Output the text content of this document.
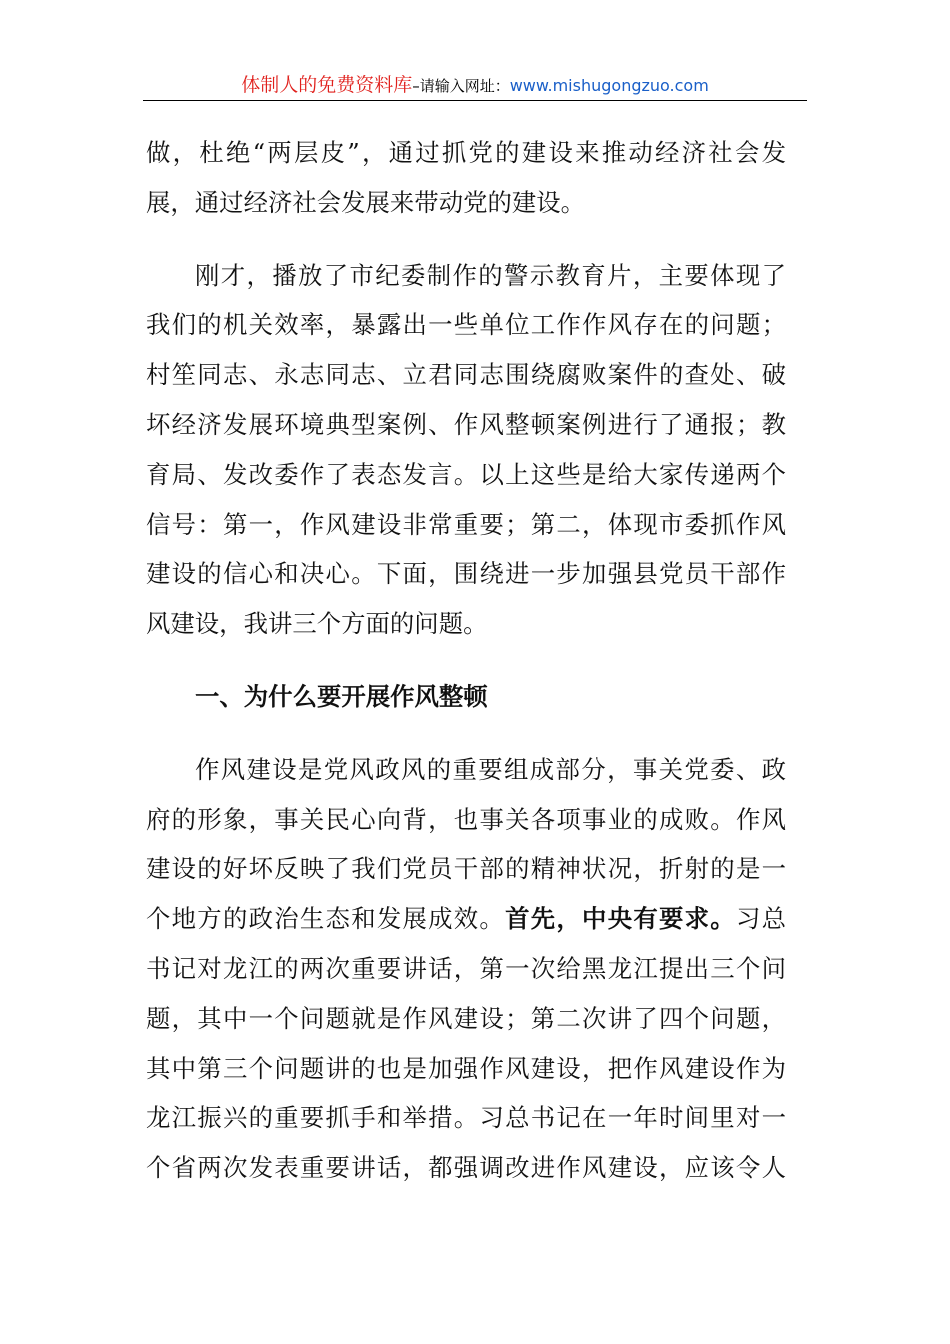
体制人的免费资料库–请输入网址：www.mishugongzuo.com
做，杜绝“两层皮”，通过抓党的建设来推动经济社会发
展，通过经济社会发展来带动党的建设。
刚才，播放了市纪委制作的警示教育片，主要体现了
我们的机关效率，暴露出一些单位工作作风存在的问题；
村笙同志、永志同志、立君同志围绕腐败案件的查处、破
坏经济发展环境典型案例、作风整顿案例进行了通报；教
育局、发改委作了表态发言。以上这些是给大家传递两个
信号：第一，作风建设非常重要；第二，体现市委抓作风
建设的信心和决心。下面，围绕进一步加强县党员干部作
风建设，我讲三个方面的问题。
一、为什么要开展作风整顿
作风建设是党风政风的重要组成部分，事关党委、政
府的形象，事关民心向背，也事关各项事业的成败。作风
建设的好坏反映了我们党员干部的精神状况，折射的是一
个地方的政治生态和发展成效。首先，中央有要求。习总
书记对龙江的两次重要讲话，第一次给黑龙江提出三个问
题，其中一个问题就是作风建设；第二次讲了四个问题，
其中第三个问题讲的也是加强作风建设，把作风建设作为
龙江振兴的重要抓手和举措。习总书记在一年时间里对一
个省两次发表重要讲话，都强调改进作风建设，应该令人
